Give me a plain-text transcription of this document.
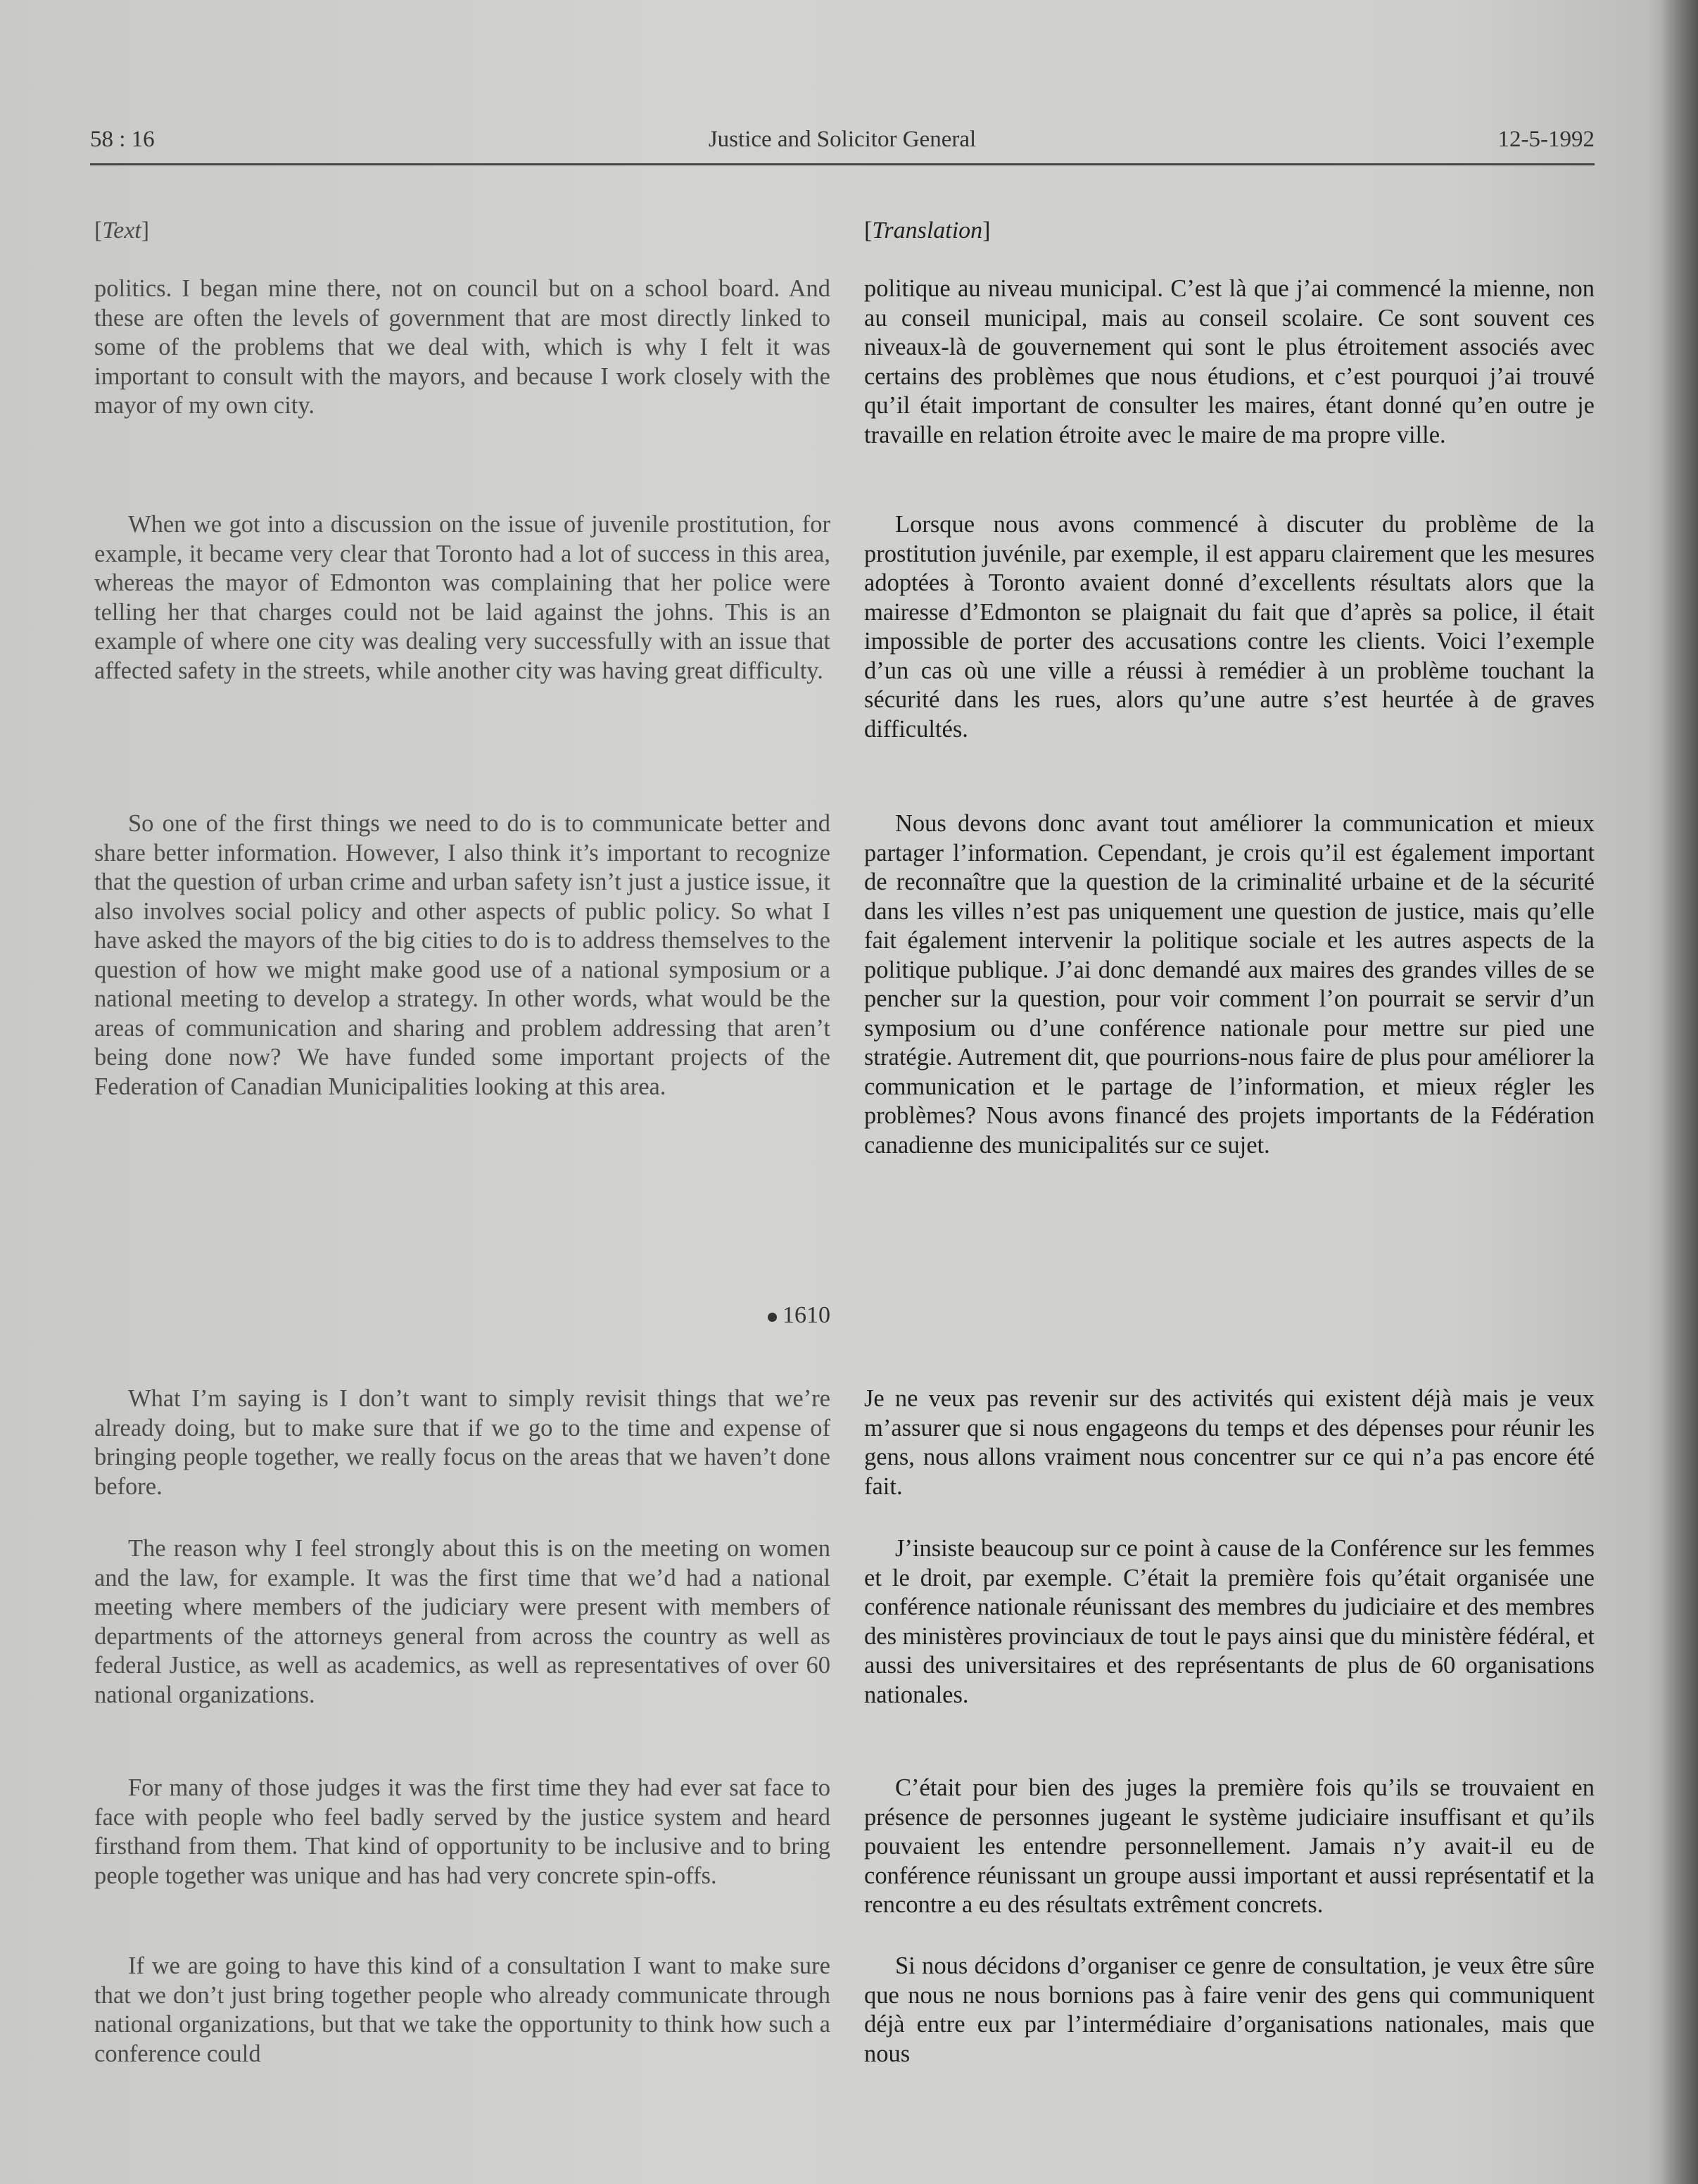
58 : 16	Justice and Solicitor General	12-5-1992
[Text]

politics. I began mine there, not on council but on a school board. And these are often the levels of government that are most directly linked to some of the problems that we deal with, which is why I felt it was important to consult with the mayors, and because I work closely with the mayor of my own city.

When we got into a discussion on the issue of juvenile prostitution, for example, it became very clear that Toronto had a lot of success in this area, whereas the mayor of Edmonton was complaining that her police were telling her that charges could not be laid against the johns. This is an example of where one city was dealing very successfully with an issue that affected safety in the streets, while another city was having great difficulty.

So one of the first things we need to do is to communicate better and share better information. However, I also think it’s important to recognize that the question of urban crime and urban safety isn’t just a justice issue, it also involves social policy and other aspects of public policy. So what I have asked the mayors of the big cities to do is to address themselves to the question of how we might make good use of a national symposium or a national meeting to develop a strategy. In other words, what would be the areas of communication and sharing and problem addressing that aren’t being done now? We have funded some important projects of the Federation of Canadian Municipalities looking at this area.

What I’m saying is I don’t want to simply revisit things that we’re already doing, but to make sure that if we go to the time and expense of bringing people together, we really focus on the areas that we haven’t done before.

The reason why I feel strongly about this is on the meeting on women and the law, for example. It was the first time that we’d had a national meeting where members of the judiciary were present with members of departments of the attorneys general from across the country as well as federal Justice, as well as academics, as well as representatives of over 60 national organizations.

For many of those judges it was the first time they had ever sat face to face with people who feel badly served by the justice system and heard firsthand from them. That kind of opportunity to be inclusive and to bring people together was unique and has had very concrete spin-offs.

If we are going to have this kind of a consultation I want to make sure that we don’t just bring together people who already communicate through national organizations, but that we take the opportunity to think how such a conference could

1610
[Translation]

politique au niveau municipal. C’est là que j’ai commencé la mienne, non au conseil municipal, mais au conseil scolaire. Ce sont souvent ces niveaux-là de gouvernement qui sont le plus étroitement associés avec certains des problèmes que nous étudions, et c’est pourquoi j’ai trouvé qu’il était important de consulter les maires, étant donné qu’en outre je travaille en relation étroite avec le maire de ma propre ville.

Lorsque nous avons commencé à discuter du problème de la prostitution juvénile, par exemple, il est apparu clairement que les mesures adoptées à Toronto avaient donné d’excellents résultats alors que la mairesse d’Edmonton se plaignait du fait que d’après sa police, il était impossible de porter des accusations contre les clients. Voici l’exemple d’un cas où une ville a réussi à remédier à un problème touchant la sécurité dans les rues, alors qu’une autre s’est heurtée à de graves difficultés.

Nous devons donc avant tout améliorer la communication et mieux partager l’information. Cependant, je crois qu’il est également important de reconnaître que la question de la criminalité urbaine et de la sécurité dans les villes n’est pas uniquement une question de justice, mais qu’elle fait également intervenir la politique sociale et les autres aspects de la politique publique. J’ai donc demandé aux maires des grandes villes de se pencher sur la question, pour voir comment l’on pourrait se servir d’un symposium ou d’une conférence nationale pour mettre sur pied une stratégie. Autrement dit, que pourrions-nous faire de plus pour améliorer la communication et le partage de l’information, et mieux régler les problèmes? Nous avons financé des projets importants de la Fédération canadienne des municipalités sur ce sujet.

Je ne veux pas revenir sur des activités qui existent déjà mais je veux m’assurer que si nous engageons du temps et des dépenses pour réunir les gens, nous allons vraiment nous concentrer sur ce qui n’a pas encore été fait.

J’insiste beaucoup sur ce point à cause de la Conférence sur les femmes et le droit, par exemple. C’était la première fois qu’était organisée une conférence nationale réunissant des membres du judiciaire et des membres des ministères provinciaux de tout le pays ainsi que du ministère fédéral, et aussi des universitaires et des représentants de plus de 60 organisations nationales.

C’était pour bien des juges la première fois qu’ils se trouvaient en présence de personnes jugeant le système judiciaire insuffisant et qu’ils pouvaient les entendre personnellement. Jamais n’y avait-il eu de conférence réunissant un groupe aussi important et aussi représentatif et la rencontre a eu des résultats extrêment concrets.

Si nous décidons d’organiser ce genre de consultation, je veux être sûre que nous ne nous bornions pas à faire venir des gens qui communiquent déjà entre eux par l’intermédiaire d’organisations nationales, mais que nous
